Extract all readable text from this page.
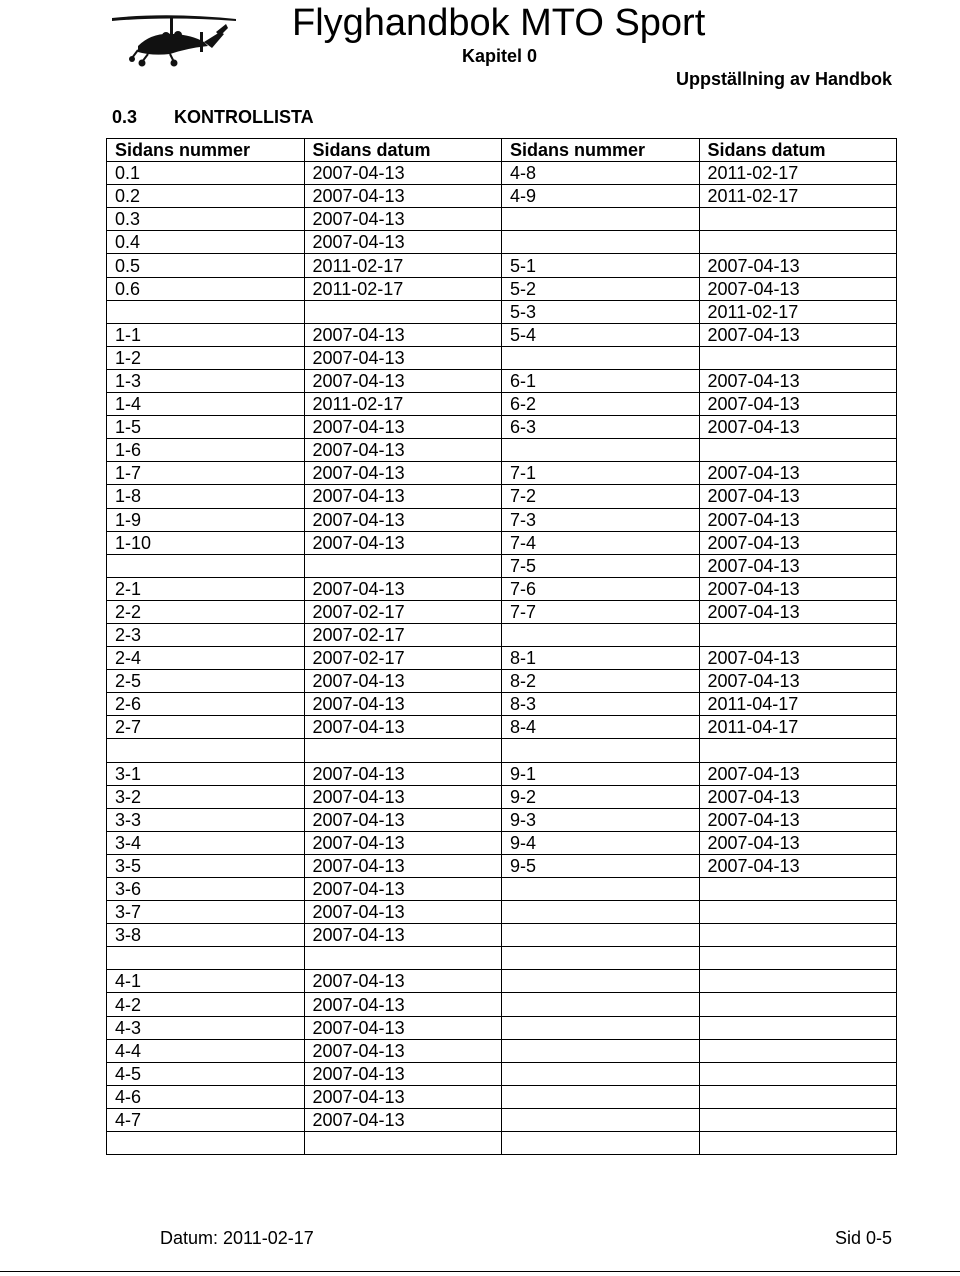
Flyghandbok MTO Sport
Kapitel 0
Uppställning av Handbok
0.3 KONTROLLISTA
Sidans nummer	Sidans datum	Sidans nummer	Sidans datum
0.1	2007-04-13	4-8	2011-02-17
0.2	2007-04-13	4-9	2011-02-17
0.3	2007-04-13		
0.4	2007-04-13		
0.5	2011-02-17	5-1	2007-04-13
0.6	2011-02-17	5-2	2007-04-13
		5-3	2011-02-17
1-1	2007-04-13	5-4	2007-04-13
1-2	2007-04-13		
1-3	2007-04-13	6-1	2007-04-13
1-4	2011-02-17	6-2	2007-04-13
1-5	2007-04-13	6-3	2007-04-13
1-6	2007-04-13		
1-7	2007-04-13	7-1	2007-04-13
1-8	2007-04-13	7-2	2007-04-13
1-9	2007-04-13	7-3	2007-04-13
1-10	2007-04-13	7-4	2007-04-13
		7-5	2007-04-13
2-1	2007-04-13	7-6	2007-04-13
2-2	2007-02-17	7-7	2007-04-13
2-3	2007-02-17		
2-4	2007-02-17	8-1	2007-04-13
2-5	2007-04-13	8-2	2007-04-13
2-6	2007-04-13	8-3	2011-04-17
2-7	2007-04-13	8-4	2011-04-17

3-1	2007-04-13	9-1	2007-04-13
3-2	2007-04-13	9-2	2007-04-13
3-3	2007-04-13	9-3	2007-04-13
3-4	2007-04-13	9-4	2007-04-13
3-5	2007-04-13	9-5	2007-04-13
3-6	2007-04-13		
3-7	2007-04-13		
3-8	2007-04-13		

4-1	2007-04-13		
4-2	2007-04-13		
4-3	2007-04-13		
4-4	2007-04-13		
4-5	2007-04-13		
4-6	2007-04-13		
4-7	2007-04-13		

Datum: 2011-02-17	Sid 0-5
